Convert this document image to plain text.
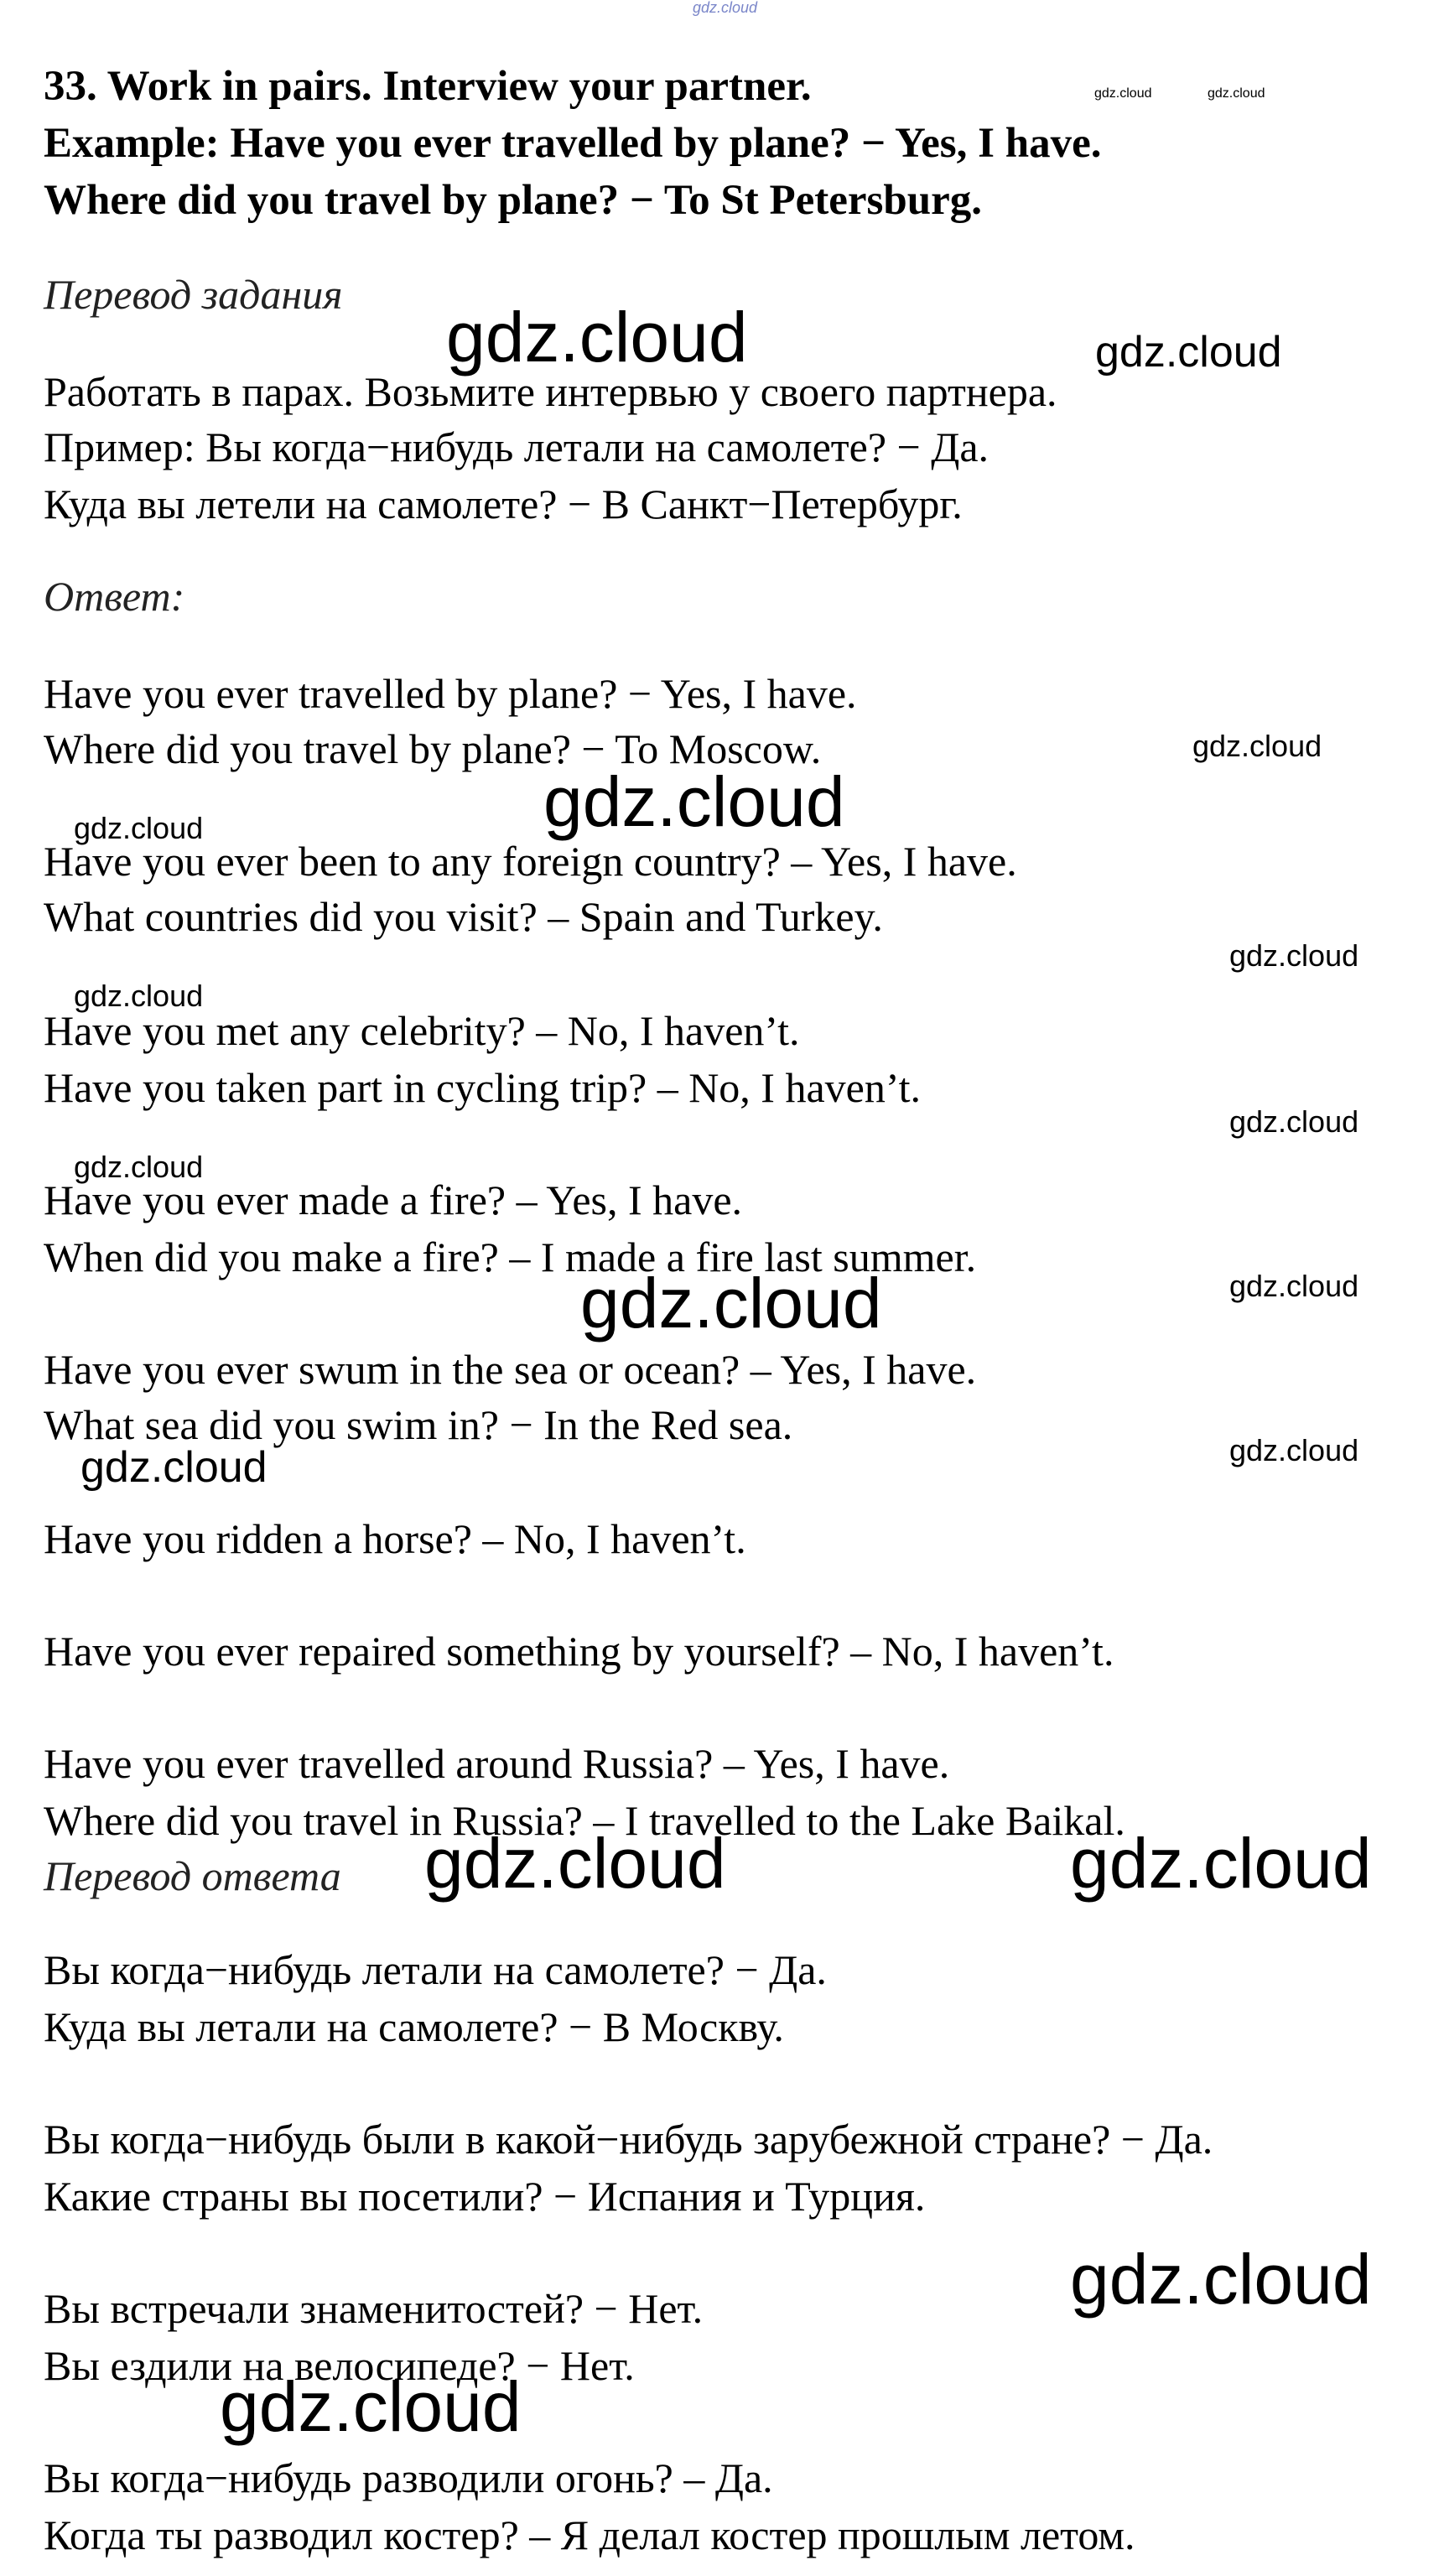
gdz.cloud
33. Work in pairs. Interview your partner.
Example: Have you ever travelled by plane? − Yes, I have.
Where did you travel by plane? − To St Petersburg.
Перевод задания
Работать в парах. Возьмите интервью у своего партнера.
Пример: Вы когда−нибудь летали на самолете? − Да.
Куда вы летели на самолете? − В Санкт−Петербург.
Ответ:
Have you ever travelled by plane? − Yes, I have.
Where did you travel by plane? − To Moscow.
Have you ever been to any foreign country? – Yes, I have.
What countries did you visit? – Spain and Turkey.
Have you met any celebrity? – No, I haven’t.
Have you taken part in cycling trip? – No, I haven’t.
Have you ever made a fire? – Yes, I have.
When did you make a fire? – I made a fire last summer.
Have you ever swum in the sea or ocean? – Yes, I have.
What sea did you swim in? − In the Red sea.
Have you ridden a horse? – No, I haven’t.
Have you ever repaired something by yourself? – No, I haven’t.
Have you ever travelled around Russia? – Yes, I have.
Where did you travel in Russia? – I travelled to the Lake Baikal.
Перевод ответа
Вы когда−нибудь летали на самолете? − Да.
Куда вы летали на самолете? − В Москву.
Вы когда−нибудь были в какой−нибудь зарубежной стране? − Да.
Какие страны вы посетили? − Испания и Турция.
Вы встречали знаменитостей? − Нет.
Вы ездили на велосипеде? − Нет.
Вы когда−нибудь разводили огонь? – Да.
Когда ты разводил костер? – Я делал костер прошлым летом.
gdz.cloud	gdz.cloud
gdz.cloud	gdz.cloud
gdz.cloud
gdz.cloud
gdz.cloud
gdz.cloud
gdz.cloud
gdz.cloud
gdz.cloud
gdz.cloud	gdz.cloud
gdz.cloud
gdz.cloud
gdz.cloud	gdz.cloud
gdz.cloud
gdz.cloud
